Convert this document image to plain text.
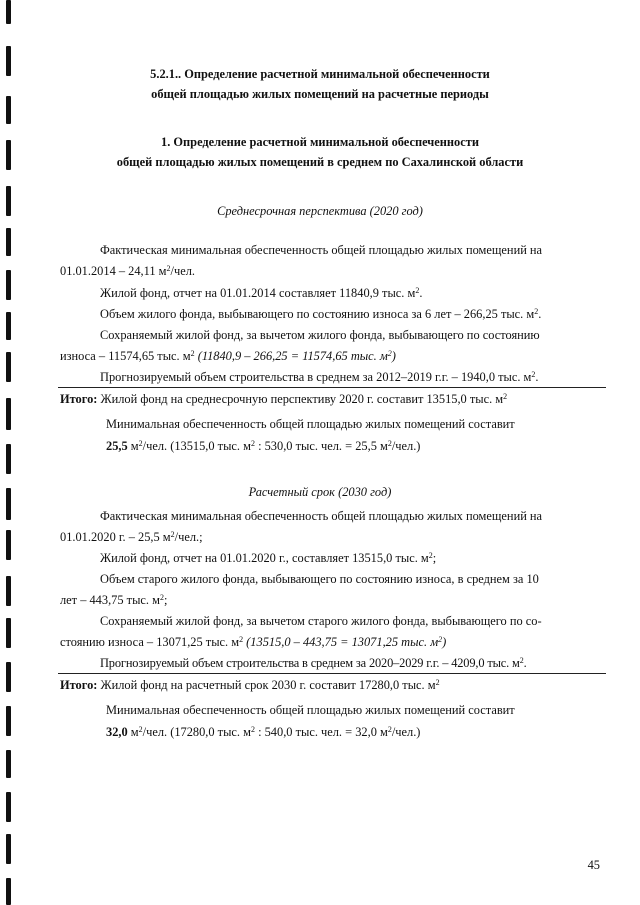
5.2.1.. Определение расчетной минимальной обеспеченности
общей площадью жилых помещений на расчетные периоды
1. Определение расчетной минимальной обеспеченности
общей площадью жилых помещений в среднем по Сахалинской области
Среднесрочная перспектива (2020 год)
Фактическая минимальная обеспеченность общей площадью жилых помещений на
01.01.2014 – 24,11 $м^2$/чел.
Жилой фонд, отчет на 01.01.2014 составляет 11840,9 тыс. $м^2$.
Объем жилого фонда, выбывающего по состоянию износа за 6 лет – 266,25 тыс. $м^2$.
Сохраняемый жилой фонд, за вычетом жилого фонда, выбывающего по состоянию
износа – 11574,65 тыс. $м^2$ (11840,9 – 266,25 = 11574,65 тыс. $м^2$)
Прогнозируемый объем строительства в среднем за 2012–2019 г.г. – 1940,0 тыс. $м^2$.
Итого: Жилой фонд на среднесрочную перспективу 2020 г. составит 13515,0 тыс. $м^2$
Минимальная обеспеченность общей площадью жилых помещений составит
25,5 $м^2$/чел. (13515,0 тыс. $м^2$ : 530,0 тыс. чел. = 25,5 $м^2/чел$.)
Расчетный срок (2030 год)
Фактическая минимальная обеспеченность общей площадью жилых помещений на
01.01.2020 г. – 25,5 $м^2$/чел.;
Жилой фонд, отчет на 01.01.2020 г., составляет 13515,0 тыс. $м^2$;
Объем старого жилого фонда, выбывающего по состоянию износа, в среднем за 10
лет – 443,75 тыс. $м^2$;
Сохраняемый жилой фонд, за вычетом старого жилого фонда, выбывающего по со-
стоянию износа – 13071,25 тыс. $м^2$ (13515,0 – 443,75 = 13071,25 тыс. $м^2$)
Прогнозируемый объем строительства в среднем за 2020–2029 г.г. – 4209,0 тыс. $м^2$.
Итого: Жилой фонд на расчетный срок 2030 г. составит 17280,0 тыс. $м^2$
Минимальная обеспеченность общей площадью жилых помещений составит
32,0 $м^2$/чел. (17280,0 тыс. $м^2$ : 540,0 тыс. чел. = 32,0 $м^2/чел$.)
45
